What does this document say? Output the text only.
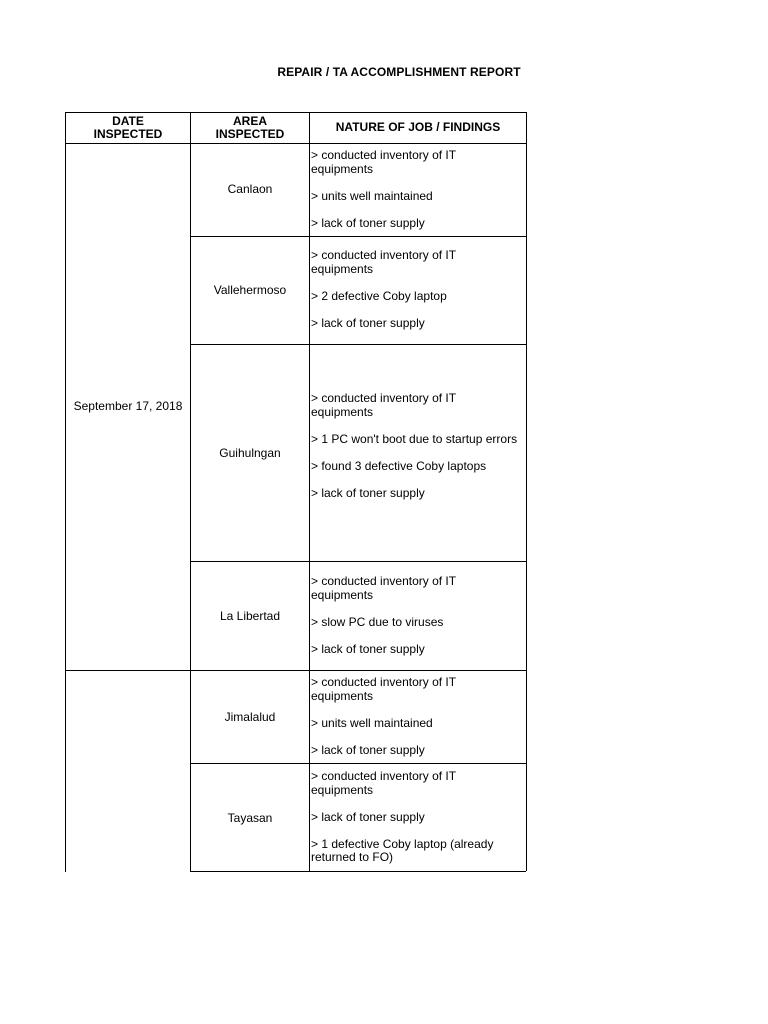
REPAIR / TA ACCOMPLISHMENT REPORT
DATE
INSPECTED
AREA
INSPECTED	NATURE OF JOB / FINDINGS
September 17, 2018
Canlaon
> conducted inventory of IT equipments
> units well maintained
> lack of toner supply
Vallehermoso
> conducted inventory of IT equipments
> 2 defective Coby laptop
> lack of toner supply
Guihulngan
> conducted inventory of IT equipments
> 1 PC won't boot due to startup errors
> found 3 defective Coby laptops
> lack of toner supply
La Libertad
> conducted inventory of IT equipments
> slow PC due to viruses
> lack of toner supply
Jimalalud
> conducted inventory of IT equipments
> units well maintained
> lack of toner supply
Tayasan
> conducted inventory of IT equipments
> lack of toner supply
> 1 defective Coby laptop (already returned to FO)
